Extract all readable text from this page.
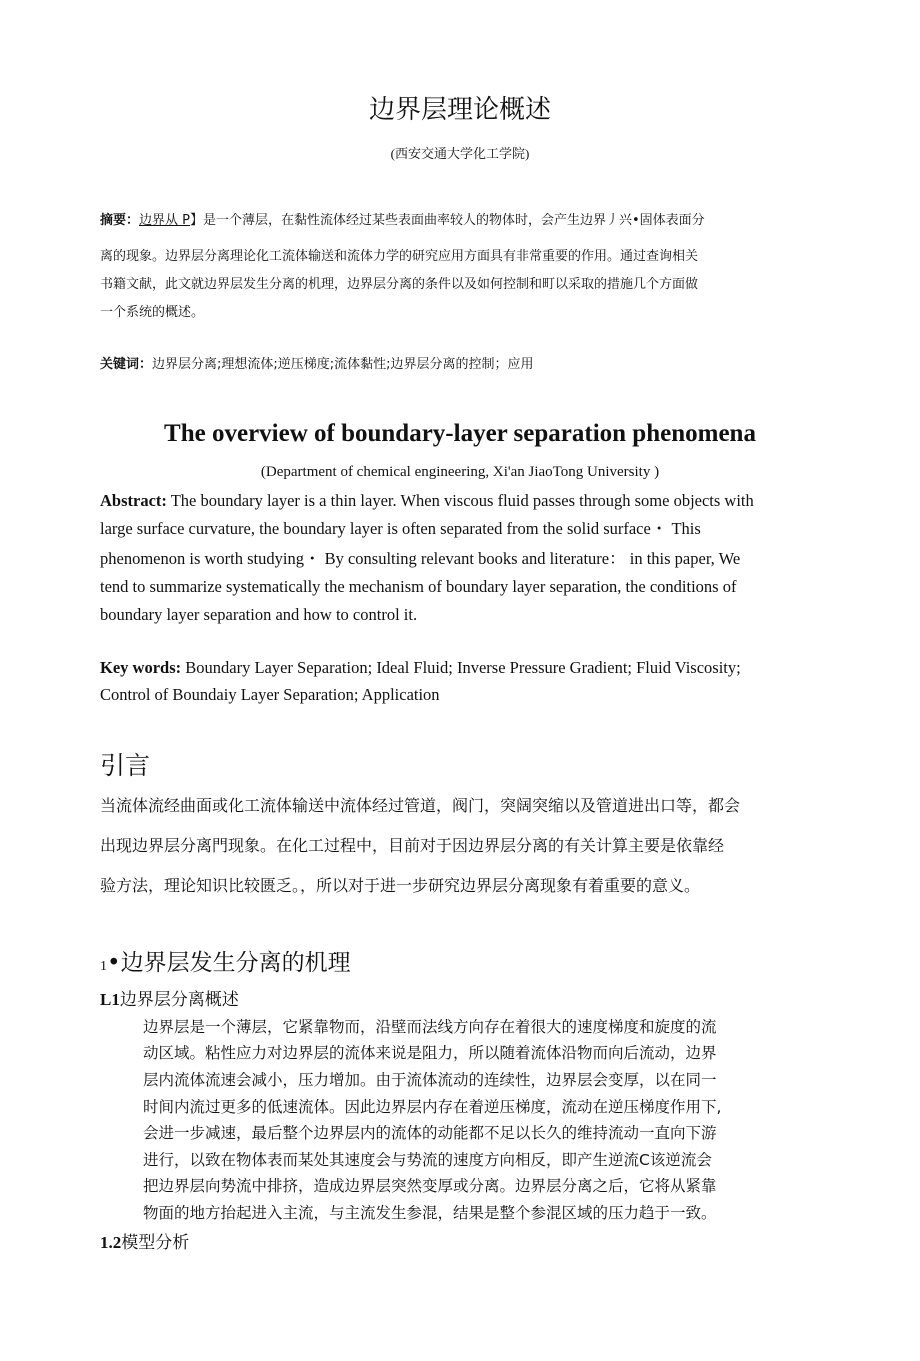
边界层理论概述
(西安交通大学化工学院)
摘要：边界从 P】是一个薄层，在黏性流体经过某些表面曲率较人的物体时，会产生边界丿兴•固体表面分
离的现象。边界层分离理论化工流体输送和流体力学的研究应用方面具有非常重要的作用。通过查询相关
书籍文献，此文就边界层发生分离的机理，边界层分离的条件以及如何控制和町以采取的措施几个方面做
一个系统的概述。
关键词：边界层分离;理想流体;逆压梯度;流体黏性;边界层分离的控制；应用
The overview of boundary-layer separation phenomena
(Department of chemical engineering, Xi'an JiaoTong University )
Abstract: The boundary layer is a thin layer. When viscous fluid passes through some objects with
large surface curvature, the boundary layer is often separated from the solid surface・ This
phenomenon is worth studying・ By consulting relevant books and literature： in this paper, We
tend to summarize systematically the mechanism of boundary layer separation, the conditions of
boundary layer separation and how to control it.
Key words: Boundary Layer Separation; Ideal Fluid; Inverse Pressure Gradient; Fluid Viscosity;
Control of Boundaiy Layer Separation; Application
引言
当流体流经曲面或化工流体输送中流体经过管道，阀门，突阔突缩以及管道进出口等，都会
出现边界层分离門现象。在化工过程中，目前对于因边界层分离的有关计算主要是依靠经
验方法，理论知识比较匮乏。，所以对于进一步研究边界层分离现象有着重要的意义。
1•边界层发生分离的机理
L1边界层分离概述
边界层是一个薄层，它紧靠物而，沿壁而法线方向存在着很大的速度梯度和旋度的流
动区域。粘性应力对边界层的流体来说是阻力，所以随着流体沿物而向后流动，边界
层内流体流速会减小，压力增加。由于流体流动的连续性，边界层会变厚，以在同一
时间内流过更多的低速流体。因此边界层内存在着逆压梯度，流动在逆压梯度作用下,
会进一步减速，最后整个边界层内的流体的动能都不足以长久的维持流动一直向下游
进行，以致在物体表而某处其速度会与势流的速度方向相反，即产生逆流C该逆流会
把边界层向势流中排挤，造成边界层突然变厚或分离。边界层分离之后，它将从紧靠
物面的地方抬起进入主流，与主流发生参混，结果是整个参混区域的压力趋于一致。
1.2模型分析
